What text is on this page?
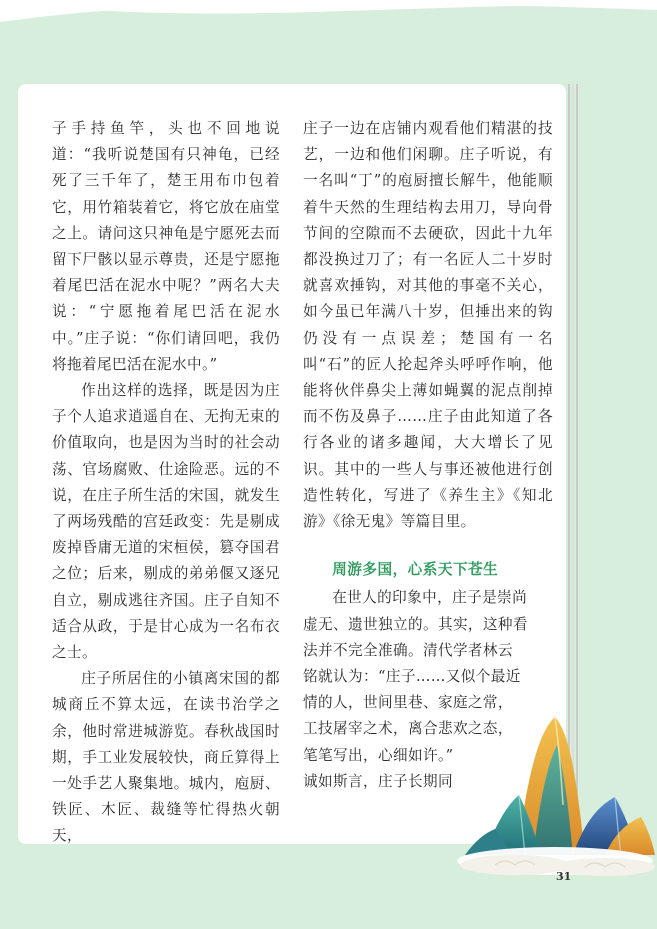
子手持鱼竿，头也不回地说道：“我听说楚国有只神龟，已经死了三千年了，楚王用布巾包着它，用竹箱装着它，将它放在庙堂之上。请问这只神龟是宁愿死去而留下尸骸以显示尊贵，还是宁愿拖着尾巴活在泥水中呢？”两名大夫说：“宁愿拖着尾巴活在泥水中。”庄子说：“你们请回吧，我仍将拖着尾巴活在泥水中。”

作出这样的选择，既是因为庄子个人追求逍遥自在、无拘无束的价值取向，也是因为当时的社会动荡、官场腐败、仕途险恶。远的不说，在庄子所生活的宋国，就发生了两场残酷的宫廷政变：先是剔成废掉昏庸无道的宋桓侯，篡夺国君之位；后来，剔成的弟弟偃又逐兄自立，剔成逃往齐国。庄子自知不适合从政，于是甘心成为一名布衣之士。

庄子所居住的小镇离宋国的都城商丘不算太远，在读书治学之余，他时常进城游览。春秋战国时期，手工业发展较快，商丘算得上一处手艺人聚集地。城内，庖厨、铁匠、木匠、裁缝等忙得热火朝天，

庄子一边在店铺内观看他们精湛的技艺，一边和他们闲聊。庄子听说，有一名叫“丁”的庖厨擅长解牛，他能顺着牛天然的生理结构去用刀，导向骨节间的空隙而不去硬砍，因此十九年都没换过刀了；有一名匠人二十岁时就喜欢捶钩，对其他的事毫不关心，如今虽已年满八十岁，但捶出来的钩仍没有一点误差；楚国有一名叫“石”的匠人抡起斧头呼呼作响，他能将伙伴鼻尖上薄如蝇翼的泥点削掉而不伤及鼻子……庄子由此知道了各行各业的诸多趣闻，大大增长了见识。其中的一些人与事还被他进行创造性转化，写进了《养生主》《知北游》《徐无鬼》等篇目里。

周游多国，心系天下苍生

在世人的印象中，庄子是崇尚
虚无、遗世独立的。其实，这种看
法并不完全准确。清代学者林云
铭就认为：“庄子……又似个最近
情的人，世间里巷、家庭之常，
工技屠宰之术，离合悲欢之态，
笔笔写出，心细如许。”
诚如斯言，庄子长期同
31
